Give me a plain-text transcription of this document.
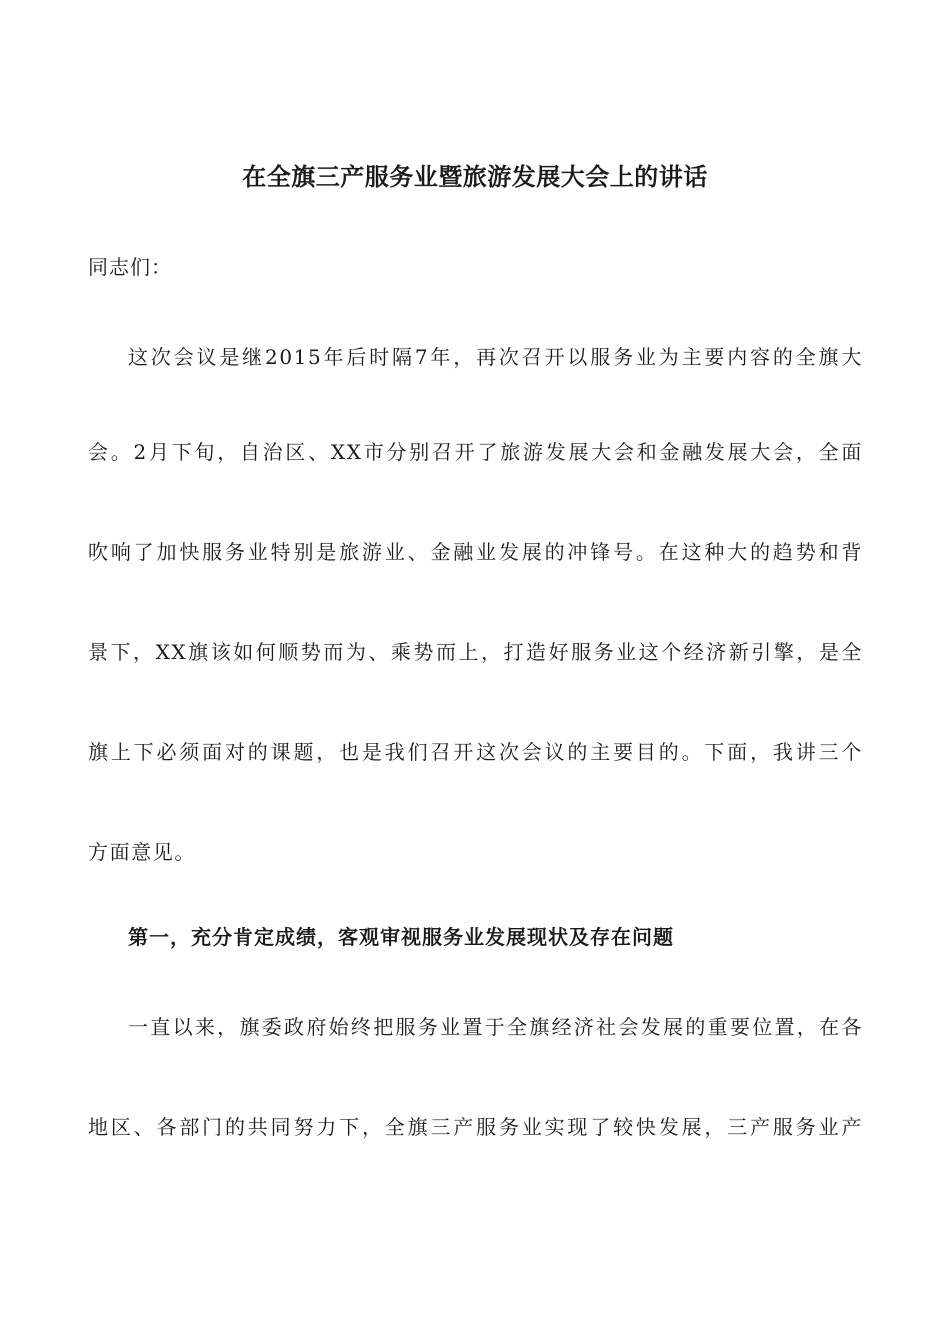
在全旗三产服务业暨旅游发展大会上的讲话
同志们：
这次会议是继2015年后时隔7年，再次召开以服务业为主要内容的全旗大
会。2月下旬，自治区、XX市分别召开了旅游发展大会和金融发展大会，全面
吹响了加快服务业特别是旅游业、金融业发展的冲锋号。在这种大的趋势和背
景下，XX旗该如何顺势而为、乘势而上，打造好服务业这个经济新引擎，是全
旗上下必须面对的课题，也是我们召开这次会议的主要目的。下面，我讲三个
方面意见。
第一，充分肯定成绩，客观审视服务业发展现状及存在问题
一直以来，旗委政府始终把服务业置于全旗经济社会发展的重要位置，在各
地区、各部门的共同努力下，全旗三产服务业实现了较快发展，三产服务业产
